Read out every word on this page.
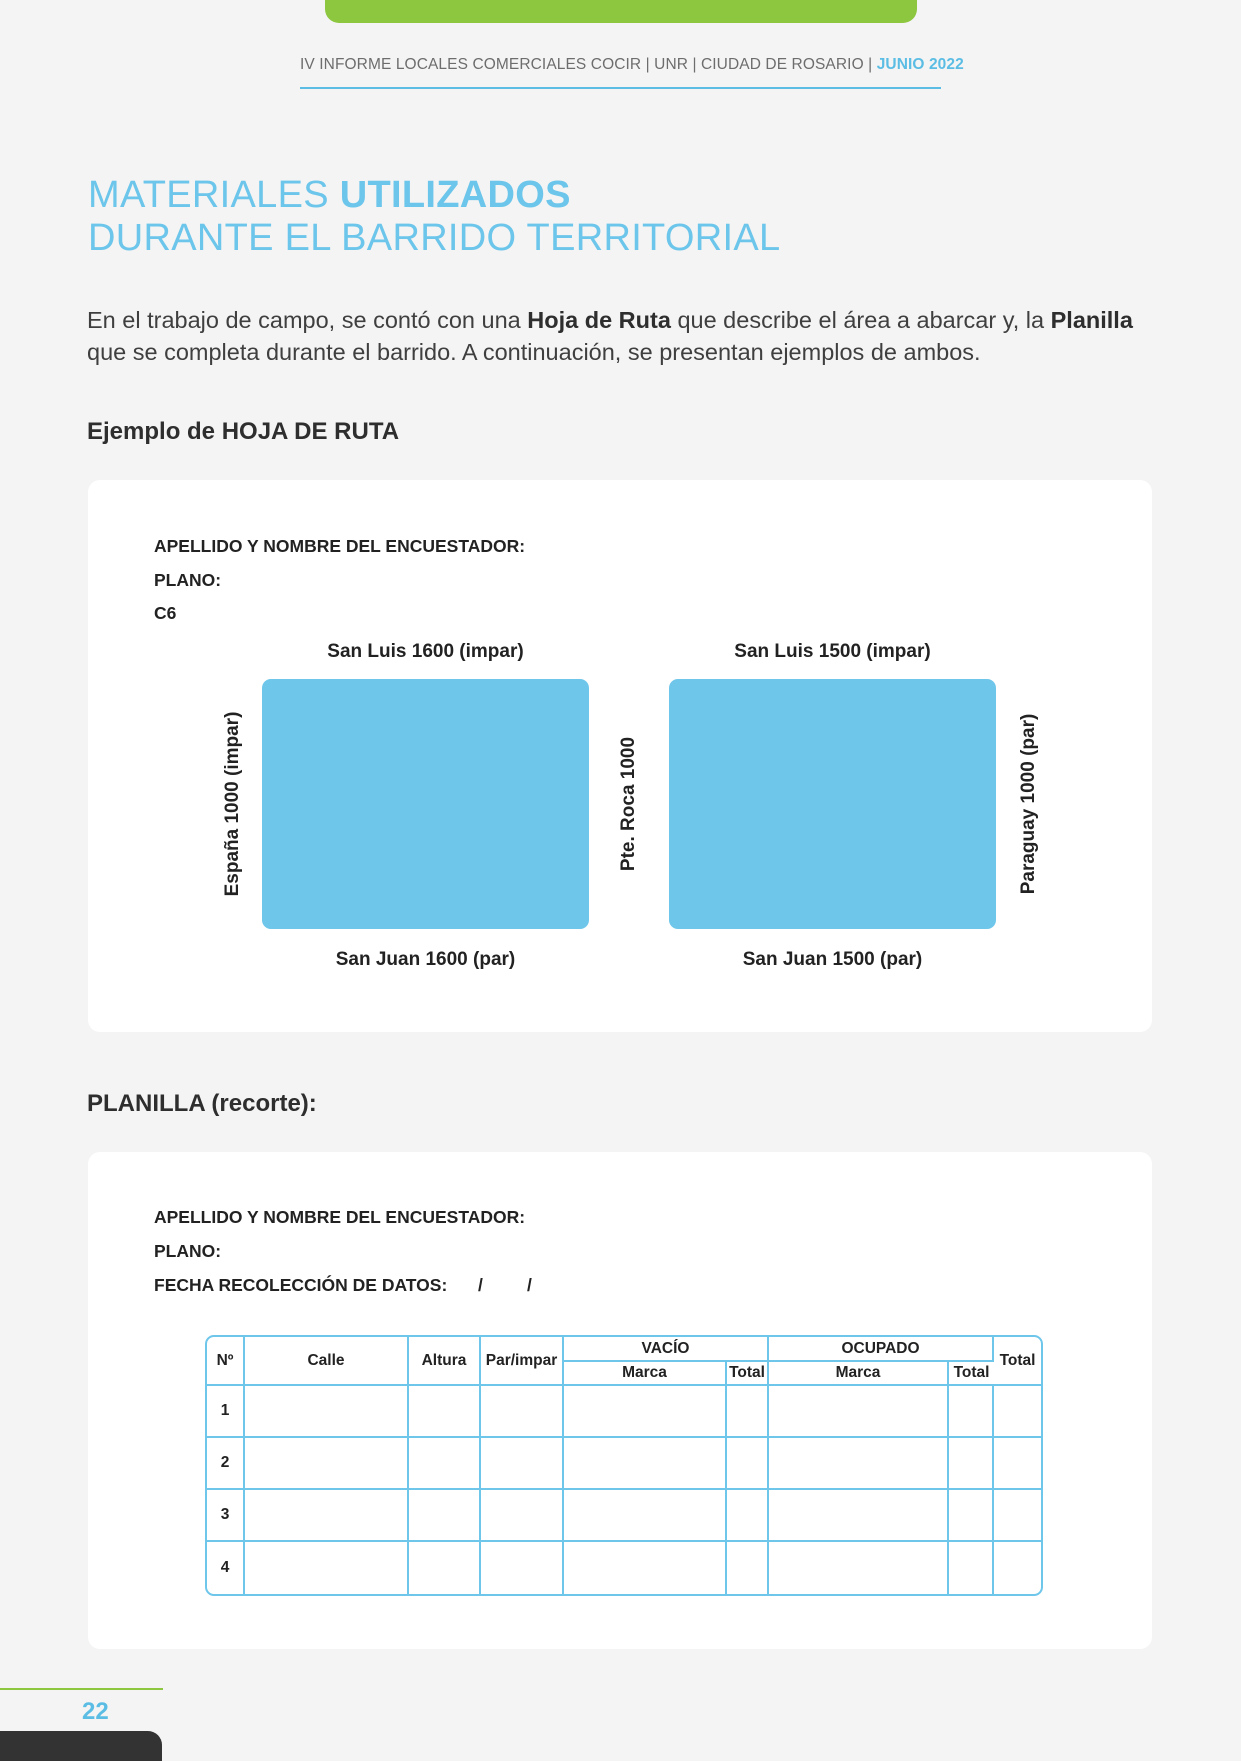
IV INFORME LOCALES COMERCIALES COCIR | UNR | CIUDAD DE ROSARIO | JUNIO 2022
MATERIALES UTILIZADOS
DURANTE EL BARRIDO TERRITORIAL
En el trabajo de campo, se contó con una Hoja de Ruta que describe el área a abarcar y, la Planilla que se completa durante el barrido. A continuación, se presentan ejemplos de ambos.
Ejemplo de HOJA DE RUTA
APELLIDO Y NOMBRE DEL ENCUESTADOR:
PLANO:
C6
San Luis 1600 (impar)	San Luis 1500 (impar)
España 1000 (impar)	Pte. Roca 1000	Paraguay 1000 (par)
San Juan 1600 (par)	San Juan 1500 (par)
PLANILLA (recorte):
APELLIDO Y NOMBRE DEL ENCUESTADOR:
PLANO:
FECHA RECOLECCIÓN DE DATOS: /	/
Nº	Calle	Altura	Par/impar	VACÍO		OCUPADO		Total
				Marca	Total	Marca	Total	
1								
2								
3								
4								
22
